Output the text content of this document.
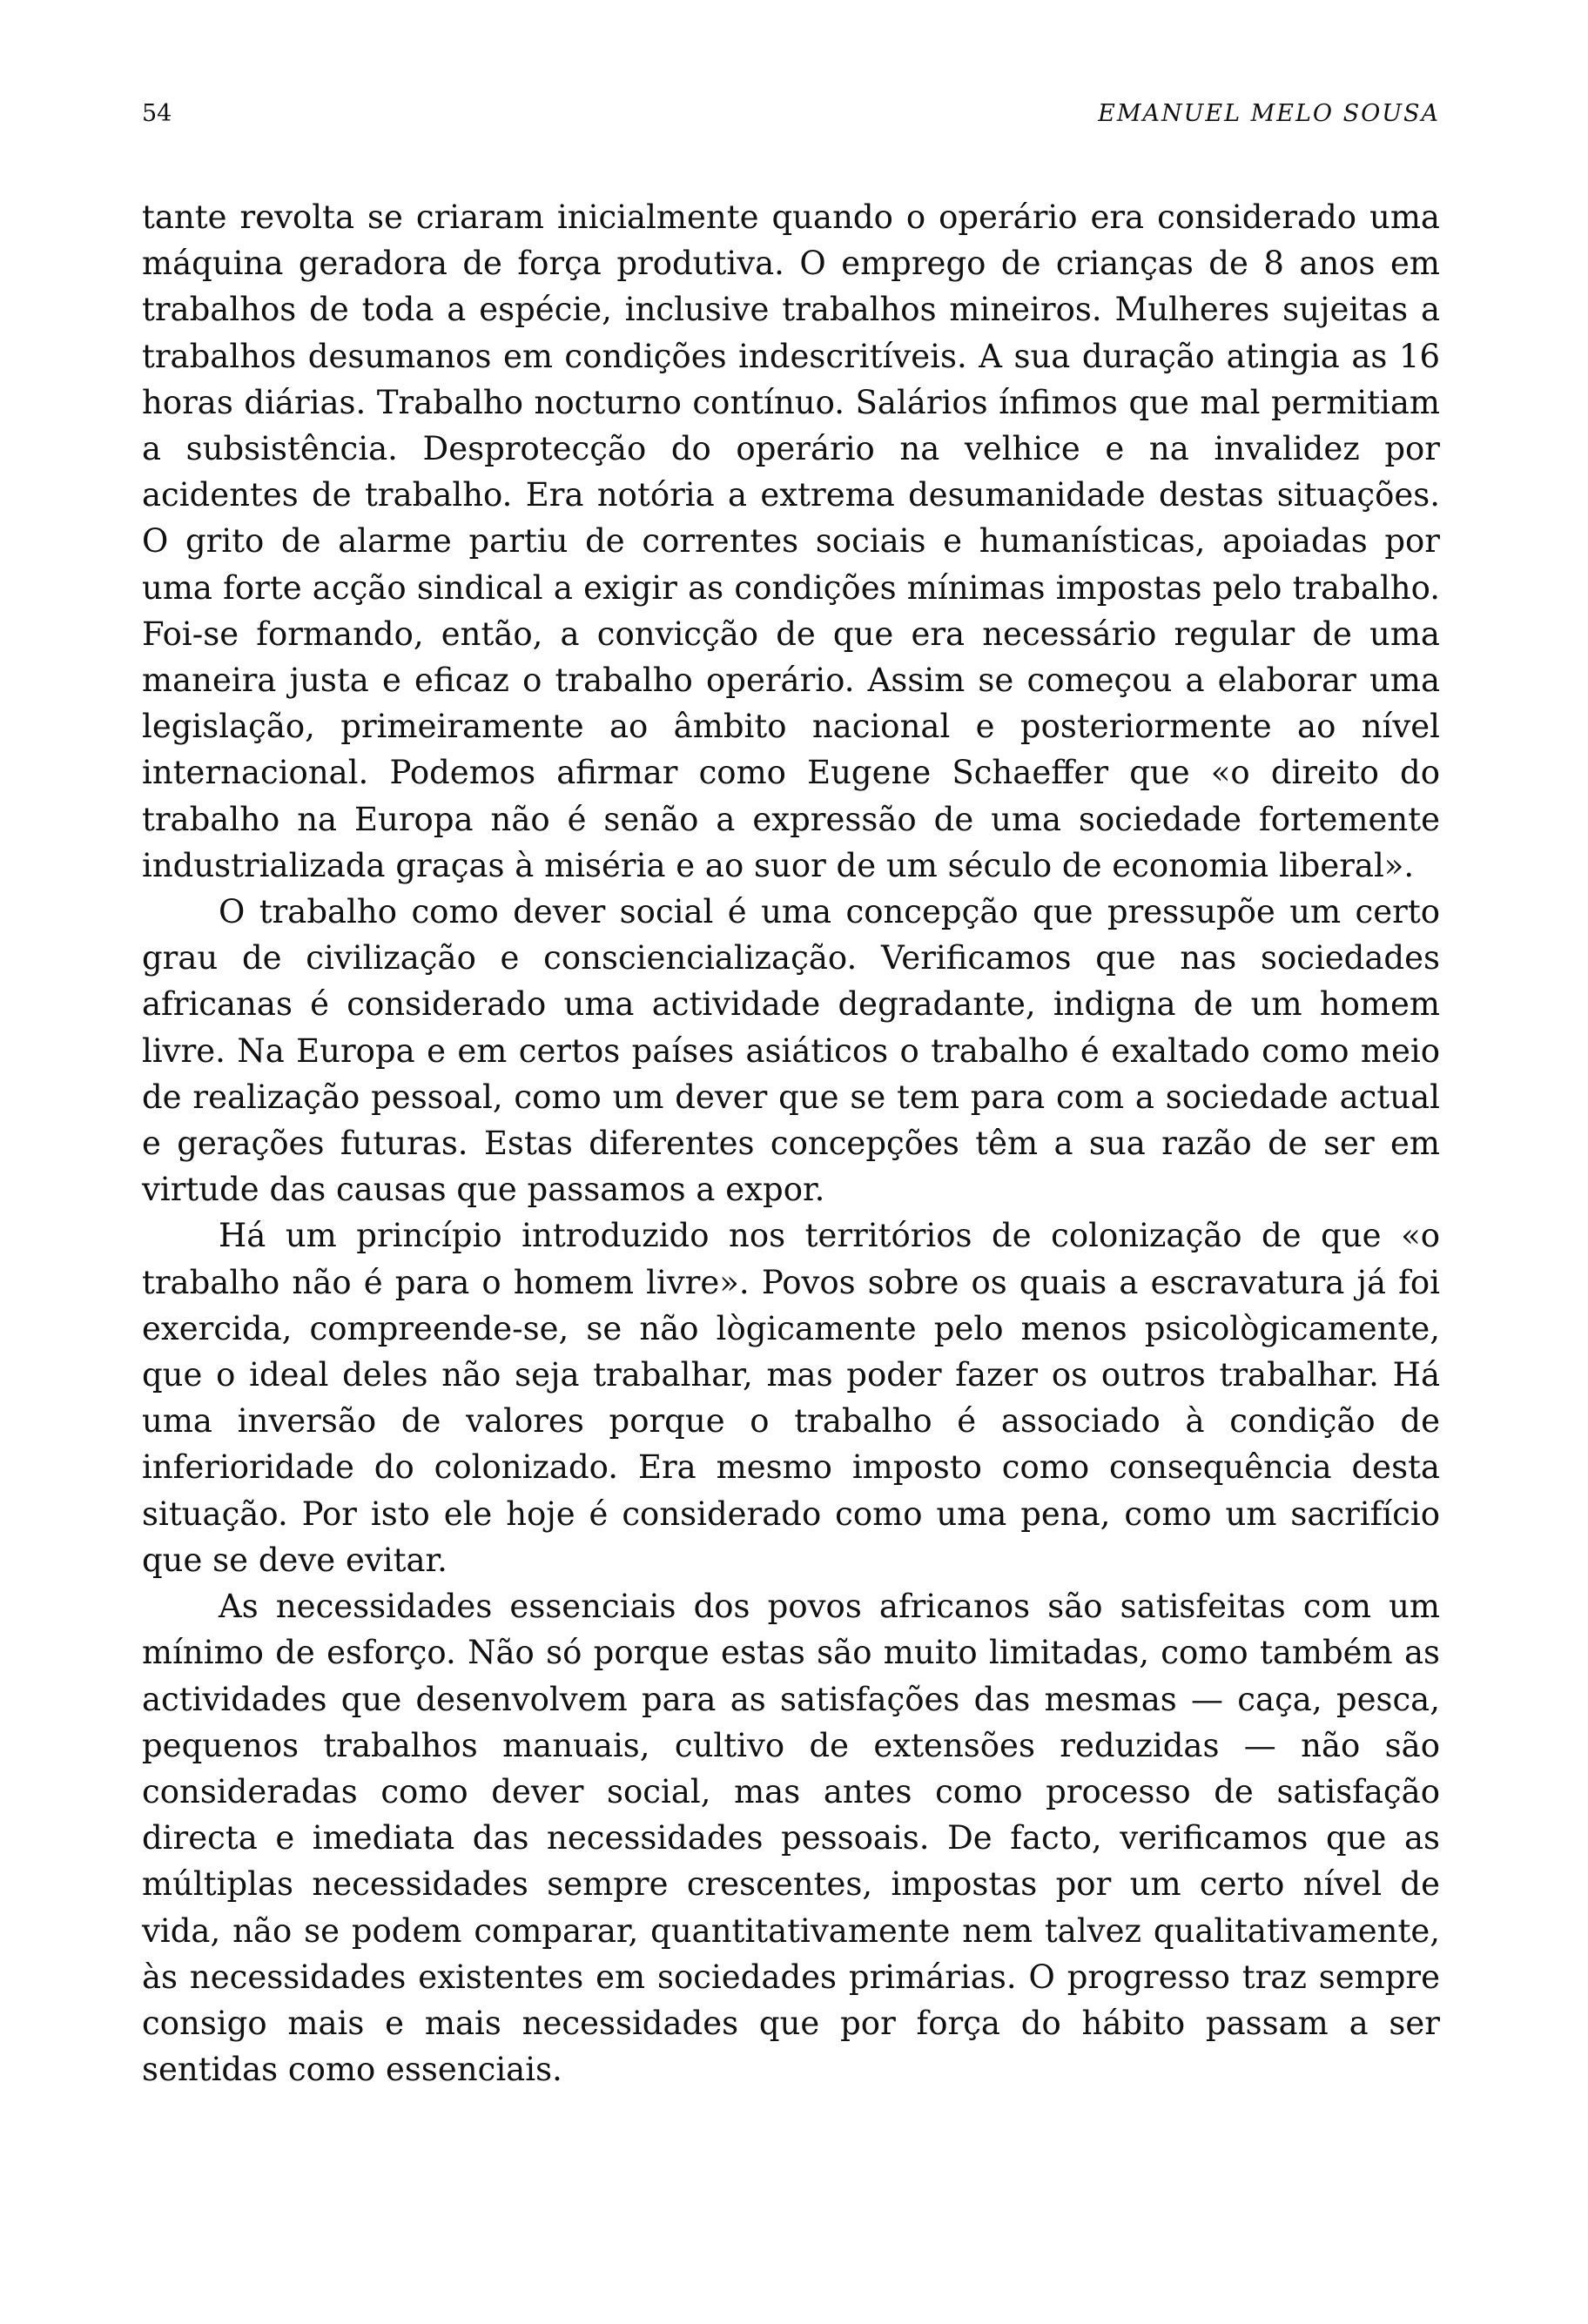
54	EMANUEL MELO SOUSA

tante revolta se criaram inicialmente quando o operário era considerado uma máquina geradora de força produtiva. O emprego de crianças de 8 anos em trabalhos de toda a espécie, inclusive trabalhos mineiros. Mulheres sujeitas a trabalhos desumanos em condições indescritíveis. A sua duração atingia as 16 horas diárias. Trabalho nocturno contínuo. Salários ínfimos que mal permitiam a subsistência. Desprotecção do operário na velhice e na invalidez por acidentes de trabalho. Era notória a extrema desumanidade destas situações. O grito de alarme partiu de correntes sociais e humanísticas, apoiadas por uma forte acção sindical a exigir as condições mínimas impostas pelo trabalho. Foi-se formando, então, a convicção de que era necessário regular de uma maneira justa e eficaz o trabalho operário. Assim se começou a elaborar uma legislação, primeiramente ao âmbito nacional e posteriormente ao nível internacional. Podemos afirmar como Eugene Schaeffer que «o direito do trabalho na Europa não é senão a expressão de uma sociedade fortemente industrializada graças à miséria e ao suor de um século de economia liberal».

O trabalho como dever social é uma concepção que pressupõe um certo grau de civilização e consciencialização. Verificamos que nas sociedades africanas é considerado uma actividade degradante, indigna de um homem livre. Na Europa e em certos países asiáticos o trabalho é exaltado como meio de realização pessoal, como um dever que se tem para com a sociedade actual e gerações futuras. Estas diferentes concepções têm a sua razão de ser em virtude das causas que passamos a expor.

Há um princípio introduzido nos territórios de colonização de que «o trabalho não é para o homem livre». Povos sobre os quais a escravatura já foi exercida, compreende-se, se não lògicamente pelo menos psicològicamente, que o ideal deles não seja trabalhar, mas poder fazer os outros trabalhar. Há uma inversão de valores porque o trabalho é associado à condição de inferioridade do colonizado. Era mesmo imposto como consequência desta situação. Por isto ele hoje é considerado como uma pena, como um sacrifício que se deve evitar.

As necessidades essenciais dos povos africanos são satisfeitas com um mínimo de esforço. Não só porque estas são muito limitadas, como também as actividades que desenvolvem para as satisfações das mesmas — caça, pesca, pequenos trabalhos manuais, cultivo de extensões reduzidas — não são consideradas como dever social, mas antes como processo de satisfação directa e imediata das necessidades pessoais. De facto, verificamos que as múltiplas necessidades sempre crescentes, impostas por um certo nível de vida, não se podem comparar, quantitativamente nem talvez qualitativamente, às necessidades existentes em sociedades primárias. O progresso traz sempre consigo mais e mais necessidades que por força do hábito passam a ser sentidas como essenciais.
